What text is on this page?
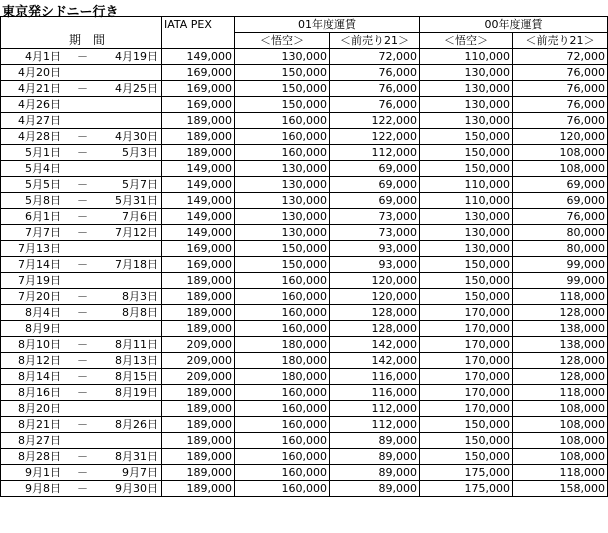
東京発シドニー行き
	IATA PEX	01年度運賃		00年度運賃	
期　間		＜悟空＞	＜前売り21＞	＜悟空＞	＜前売り21＞

4月1日 － 4月19日	149,000	130,000	72,000	110,000	72,000

4月20日	169,000	150,000	76,000	130,000	76,000

4月21日 － 4月25日	169,000	150,000	76,000	130,000	76,000

4月26日	169,000	150,000	76,000	130,000	76,000

4月27日	189,000	160,000	122,000	130,000	76,000

4月28日 － 4月30日	189,000	160,000	122,000	150,000	120,000

5月1日 － 5月3日	189,000	160,000	112,000	150,000	108,000

5月4日	149,000	130,000	69,000	150,000	108,000

5月5日 － 5月7日	149,000	130,000	69,000	110,000	69,000

5月8日 － 5月31日	149,000	130,000	69,000	110,000	69,000

6月1日 － 7月6日	149,000	130,000	73,000	130,000	76,000

7月7日 － 7月12日	149,000	130,000	73,000	130,000	80,000

7月13日	169,000	150,000	93,000	130,000	80,000

7月14日 － 7月18日	169,000	150,000	93,000	150,000	99,000

7月19日	189,000	160,000	120,000	150,000	99,000

7月20日 － 8月3日	189,000	160,000	120,000	150,000	118,000

8月4日 － 8月8日	189,000	160,000	128,000	170,000	128,000

8月9日	189,000	160,000	128,000	170,000	138,000

8月10日 － 8月11日	209,000	180,000	142,000	170,000	138,000

8月12日 － 8月13日	209,000	180,000	142,000	170,000	128,000

8月14日 － 8月15日	209,000	180,000	116,000	170,000	128,000

8月16日 － 8月19日	189,000	160,000	116,000	170,000	118,000

8月20日	189,000	160,000	112,000	170,000	108,000

8月21日 － 8月26日	189,000	160,000	112,000	150,000	108,000

8月27日	189,000	160,000	89,000	150,000	108,000

8月28日 － 8月31日	189,000	160,000	89,000	150,000	108,000

9月1日 － 9月7日	189,000	160,000	89,000	175,000	118,000

9月8日 － 9月30日	189,000	160,000	89,000	175,000	158,000
